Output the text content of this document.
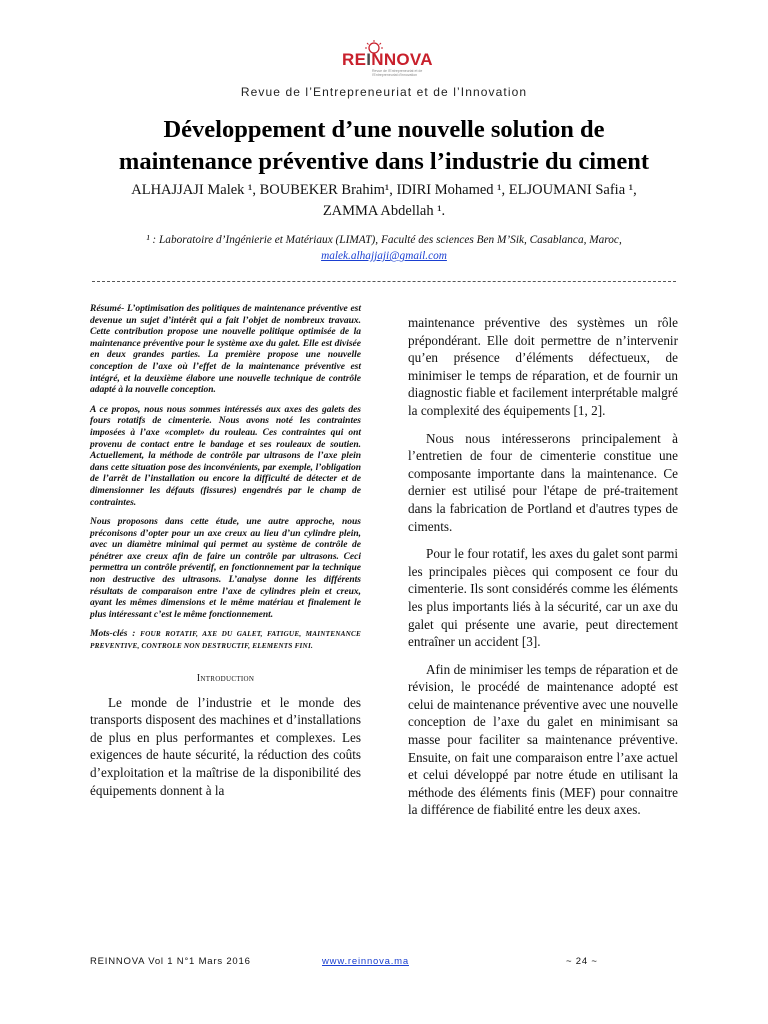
REINNOVA
Revue de l'Entrepreneuriat et de l'Entrepreneuriat d'innovation
Revue de l’Entrepreneuriat et de l’Innovation
Développement d’une nouvelle solution de
maintenance préventive dans l’industrie du ciment
ALHAJJAJI Malek ¹, BOUBEKER Brahim¹, IDIRI Mohamed ¹, ELJOUMANI Safia ¹,
ZAMMA Abdellah ¹.
¹ : Laboratoire d’Ingénierie et Matériaux (LIMAT), Faculté des sciences Ben M’Sik, Casablanca, Maroc,
malek.alhajjaji@gmail.com

Résumé- L’optimisation des politiques de maintenance préventive est devenue un sujet d’intérêt qui a fait l’objet de nombreux travaux. Cette contribution propose une nouvelle politique optimisée de la maintenance préventive pour le système axe du galet. Elle est divisée en deux grandes parties. La première propose une nouvelle conception de l’axe où l’effet de la maintenance préventive est intégré, et la deuxième élabore une nouvelle technique de contrôle adapté à la nouvelle conception.

A ce propos, nous nous sommes intéressés aux axes des galets des fours rotatifs de cimenterie. Nous avons noté les contraintes imposées à l’axe «complet» du rouleau. Ces contraintes qui ont provenu de contact entre le bandage et ses rouleaux de soutien. Actuellement, la méthode de contrôle par ultrasons de l’axe plein dans cette situation pose des inconvénients, par exemple, l’obligation de l’arrêt de l’installation ou encore la difficulté de détecter et de dimensionner les défauts (fissures) engendrés par le champ de contraintes.

Nous proposons dans cette étude, une autre approche, nous préconisons d’opter pour un axe creux au lieu d’un cylindre plein, avec un diamètre minimal qui permet au système de contrôle de pénétrer axe creux afin de faire un contrôle par ultrasons. Ceci permettra un contrôle préventif, en fonctionnement par la technique non destructive des ultrasons. L’analyse donne les différents résultats de comparaison entre l’axe de cylindres plein et creux, ayant les mêmes dimensions et le même matériau et finalement le plus intéressant c’est le même fonctionnement.

Mots-clés : FOUR ROTATIF, AXE DU GALET, FATIGUE, MAINTENANCE PREVENTIVE, CONTROLE NON DESTRUCTIF, ELEMENTS FINI.
Introduction

Le monde de l’industrie et le monde des transports disposent des machines et d’installations de plus en plus performantes et complexes. Les exigences de haute sécurité, la réduction des coûts d’exploitation et la maîtrise de la disponibilité des équipements donnent à la

maintenance préventive des systèmes un rôle prépondérant. Elle doit permettre de n’intervenir qu’en présence d’éléments défectueux, de minimiser le temps de réparation, et de fournir un diagnostic fiable et facilement interprétable malgré la complexité des équipements [1, 2].

Nous nous intéresserons principalement à l’entretien de four de cimenterie constitue une composante importante dans la maintenance. Ce dernier est utilisé pour l'étape de pré-traitement dans la fabrication de Portland et d'autres types de ciments.

Pour le four rotatif, les axes du galet sont parmi les principales pièces qui composent ce four du cimenterie. Ils sont considérés comme les éléments les plus importants liés à la sécurité, car un axe du galet qui présente une avarie, peut directement entraîner un accident [3].

Afin de minimiser les temps de réparation et de révision, le procédé de maintenance adopté est celui de maintenance préventive avec une nouvelle conception de l’axe du galet en minimisant sa masse pour faciliter sa maintenance préventive. Ensuite, on fait une comparaison entre l’axe actuel et celui développé par notre étude en utilisant la méthode des éléments finis (MEF) pour connaitre la différence de fiabilité entre les deux axes.

REINNOVA Vol 1 N°1 Mars 2016	www.reinnova.ma	~ 24 ~
